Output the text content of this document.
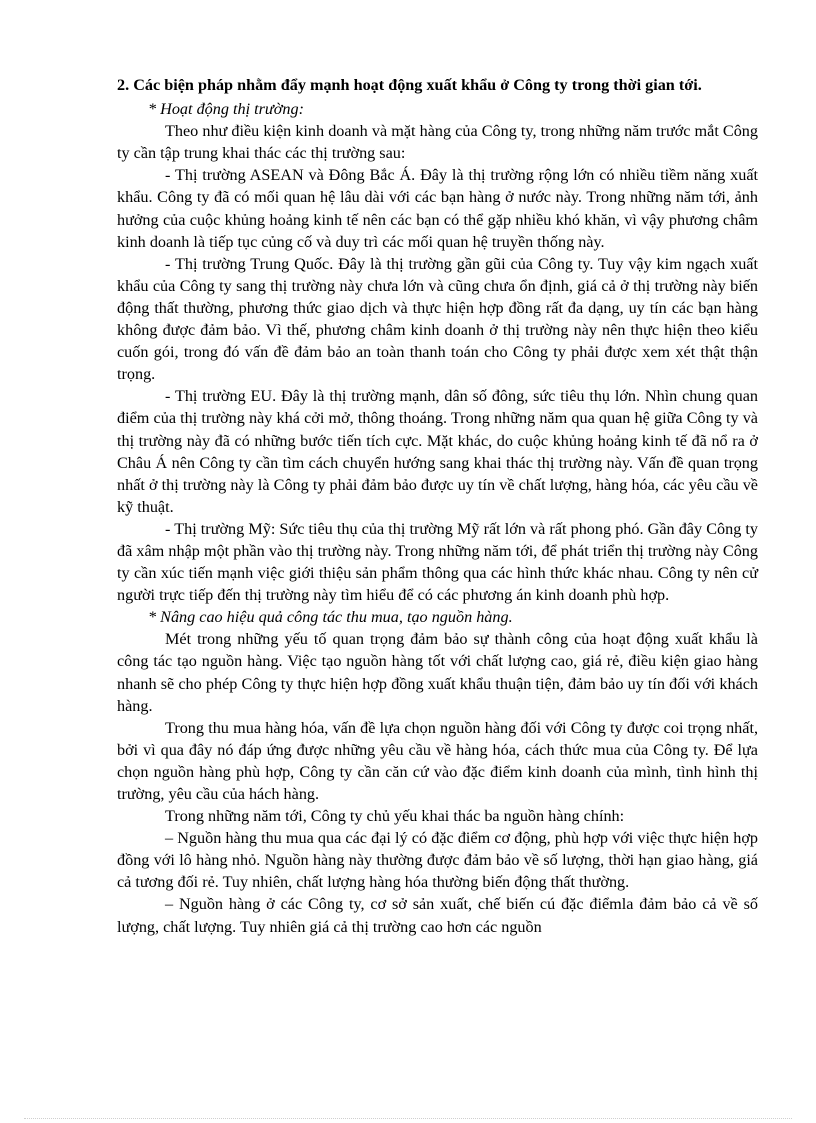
2. Các biện pháp nhằm đẩy mạnh hoạt động xuất khẩu ở Công ty trong thời gian tới.

* Hoạt động thị trường:

Theo như điều kiện kinh doanh và mặt hàng của Công ty, trong những năm trước mắt Công ty cần tập trung khai thác các thị trường sau:

- Thị trường ASEAN và Đông Bắc Á. Đây là thị trường rộng lớn có nhiều tiềm năng xuất khẩu. Công ty đã có mối quan hệ lâu dài với các bạn hàng ở nước này. Trong những năm tới, ảnh hưởng của cuộc khủng hoảng kinh tế nên các bạn có thể gặp nhiều khó khăn, vì vậy phương châm kinh doanh là tiếp tục củng cố và duy trì các mối quan hệ truyền thống này.

- Thị trường Trung Quốc. Đây là thị trường gần gũi của Công ty. Tuy vậy kim ngạch xuất khẩu của Công ty sang thị trường này chưa lớn và cũng chưa ổn định, giá cả ở thị trường này biến động thất thường, phương thức giao dịch và thực hiện hợp đồng rất đa dạng, uy tín các bạn hàng không được đảm bảo. Vì thế, phương châm kinh doanh ở thị trường này nên thực hiện theo kiểu cuốn gói, trong đó vấn đề đảm bảo an toàn thanh toán cho Công ty phải được xem xét thật thận trọng.

- Thị trường EU. Đây là thị trường mạnh, dân số đông, sức tiêu thụ lớn. Nhìn chung quan điểm của thị trường này khá cởi mở, thông thoáng. Trong những năm qua quan hệ giữa Công ty và thị trường này đã có những bước tiến tích cực. Mặt khác, do cuộc khủng hoảng kinh tế đã nổ ra ở Châu Á nên Công ty cần tìm cách chuyển hướng sang khai thác thị trường này. Vấn đề quan trọng nhất ở thị trường này là Công ty phải đảm bảo được uy tín về chất lượng, hàng hóa, các yêu cầu về kỹ thuật.

- Thị trường Mỹ: Sức tiêu thụ của thị trường Mỹ rất lớn và rất phong phó. Gần đây Công ty đã xâm nhập một phần vào thị trường này. Trong những năm tới, để phát triển thị trường này Công ty cần xúc tiến mạnh việc giới thiệu sản phẩm thông qua các hình thức khác nhau. Công ty nên cử người trực tiếp đến thị trường này tìm hiểu để có các phương án kinh doanh phù hợp.

* Nâng cao hiệu quả công tác thu mua, tạo nguồn hàng.

Mét trong những yếu tố quan trọng đảm bảo sự thành công của hoạt động xuất khẩu là công tác tạo nguồn hàng. Việc tạo nguồn hàng tốt với chất lượng cao, giá rẻ, điều kiện giao hàng nhanh sẽ cho phép Công ty thực hiện hợp đồng xuất khẩu thuận tiện, đảm bảo uy tín đối với khách hàng.

Trong thu mua hàng hóa, vấn đề lựa chọn nguồn hàng đối với Công ty được coi trọng nhất, bởi vì qua đây nó đáp ứng được những yêu cầu về hàng hóa, cách thức mua của Công ty. Để lựa chọn nguồn hàng phù hợp, Công ty cần căn cứ vào đặc điểm kinh doanh của mình, tình hình thị trường, yêu cầu của hách hàng.

Trong những năm tới, Công ty chủ yếu khai thác ba nguồn hàng chính:

– Nguồn hàng thu mua qua các đại lý có đặc điểm cơ động, phù hợp với việc thực hiện hợp đồng với lô hàng nhỏ. Nguồn hàng này thường được đảm bảo về số lượng, thời hạn giao hàng, giá cả tương đối rẻ. Tuy nhiên, chất lượng hàng hóa thường biến động thất thường.

– Nguồn hàng ở các Công ty, cơ sở sản xuất, chế biến cú đặc điểmla đảm bảo cả về số lượng, chất lượng. Tuy nhiên giá cả thị trường cao hơn các nguồn
